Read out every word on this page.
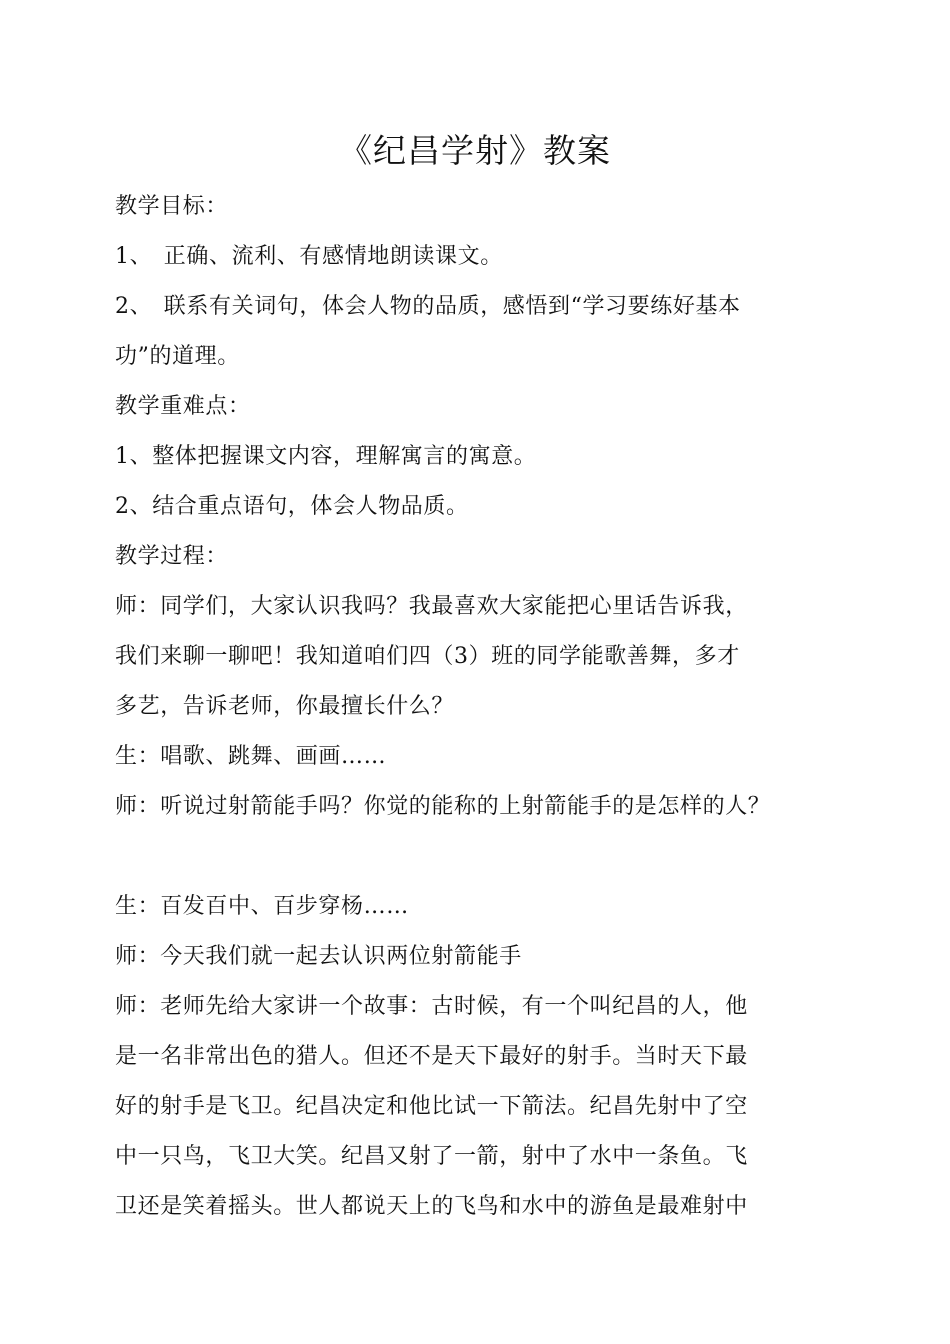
《纪昌学射》教案
教学目标：
1、　正确、流利、有感情地朗读课文。
2、　联系有关词句，体会人物的品质，感悟到“学习要练好基本
功”的道理。
教学重难点：
1、整体把握课文内容，理解寓言的寓意。
2、结合重点语句，体会人物品质。
教学过程：
师：同学们，大家认识我吗？我最喜欢大家能把心里话告诉我，
我们来聊一聊吧！我知道咱们四（3）班的同学能歌善舞，多才
多艺，告诉老师，你最擅长什么？
生：唱歌、跳舞、画画……
师：听说过射箭能手吗？你觉的能称的上射箭能手的是怎样的人？
生：百发百中、百步穿杨……
师：今天我们就一起去认识两位射箭能手
师：老师先给大家讲一个故事：古时候，有一个叫纪昌的人，他
是一名非常出色的猎人。但还不是天下最好的射手。当时天下最
好的射手是飞卫。纪昌决定和他比试一下箭法。纪昌先射中了空
中一只鸟，飞卫大笑。纪昌又射了一箭，射中了水中一条鱼。飞
卫还是笑着摇头。世人都说天上的飞鸟和水中的游鱼是最难射中
